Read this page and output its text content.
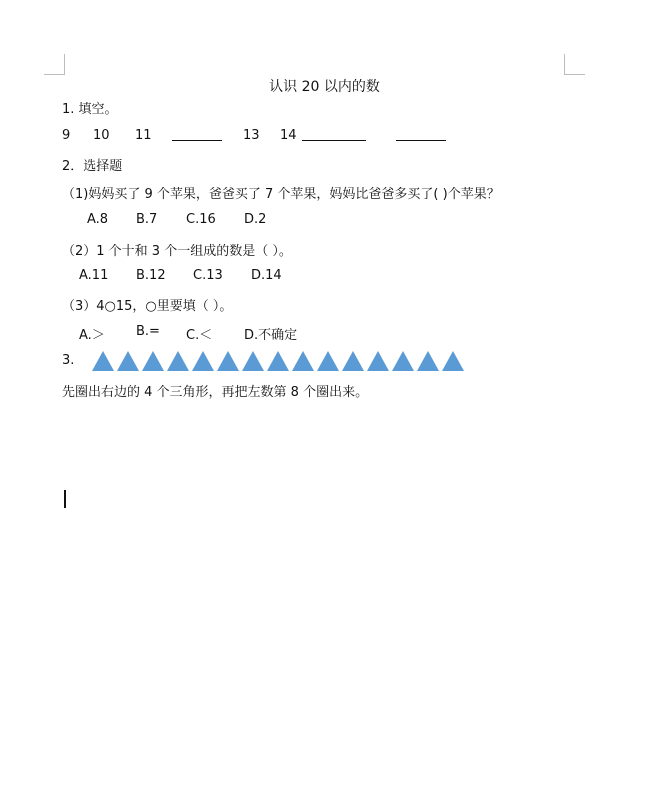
认识 20 以内的数
1. 填空。
9 10 11	13 14
2．选择题
（1)妈妈买了 9 个苹果，爸爸买了 7 个苹果，妈妈比爸爸多买了( )个苹果？
A.8 B.7 C.16 D.2
（2）1 个十和 3 个一组成的数是（ ）。
A.11 B.12 C.13 D.14
（3）4○15，○里要填（ ）。
A.＞ B.= C.＜ D.不确定
3.
先圈出右边的 4 个三角形，再把左数第 8 个圈出来。
